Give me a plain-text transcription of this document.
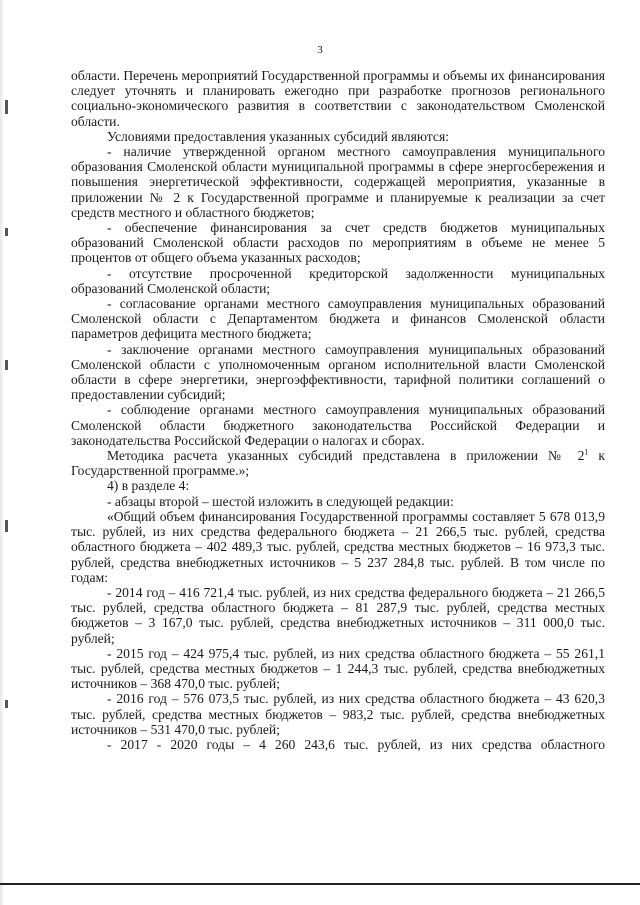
3

области. Перечень мероприятий Государственной программы и объемы их финансирования следует уточнять и планировать ежегодно при разработке прогнозов регионального социально-экономического развития в соответствии с законодательством Смоленской области.

Условиями предоставления указанных субсидий являются:

- наличие утвержденной органом местного самоуправления муниципального образования Смоленской области муниципальной программы в сфере энергосбережения и повышения энергетической эффективности, содержащей мероприятия, указанные в приложении № 2 к Государственной программе и планируемые к реализации за счет средств местного и областного бюджетов;

- обеспечение финансирования за счет средств бюджетов муниципальных образований Смоленской области расходов по мероприятиям в объеме не менее 5 процентов от общего объема указанных расходов;

- отсутствие просроченной кредиторской задолженности муниципальных образований Смоленской области;

- согласование органами местного самоуправления муниципальных образований Смоленской области с Департаментом бюджета и финансов Смоленской области параметров дефицита местного бюджета;

- заключение органами местного самоуправления муниципальных образований Смоленской области с уполномоченным органом исполнительной власти Смоленской области в сфере энергетики, энергоэффективности, тарифной политики соглашений о предоставлении субсидий;

- соблюдение органами местного самоуправления муниципальных образований Смоленской области бюджетного законодательства Российской Федерации и законодательства Российской Федерации о налогах и сборах.

Методика расчета указанных субсидий представлена в приложении № $2^1$ к Государственной программе.»;

4) в разделе 4:

- абзацы второй – шестой изложить в следующей редакции:

«Общий объем финансирования Государственной программы составляет 5 678 013,9 тыс. рублей, из них средства федерального бюджета – 21 266,5 тыс. рублей, средства областного бюджета – 402 489,3 тыс. рублей, средства местных бюджетов – 16 973,3 тыс. рублей, средства внебюджетных источников – 5 237 284,8 тыс. рублей. В том числе по годам:

- 2014 год – 416 721,4 тыс. рублей, из них средства федерального бюджета – 21 266,5 тыс. рублей, средства областного бюджета – 81 287,9 тыс. рублей, средства местных бюджетов – 3 167,0 тыс. рублей, средства внебюджетных источников – 311 000,0 тыс. рублей;

- 2015 год – 424 975,4 тыс. рублей, из них средства областного бюджета – 55 261,1 тыс. рублей, средства местных бюджетов – 1 244,3 тыс. рублей, средства внебюджетных источников – 368 470,0 тыс. рублей;

- 2016 год – 576 073,5 тыс. рублей, из них средства областного бюджета – 43 620,3 тыс. рублей, средства местных бюджетов – 983,2 тыс. рублей, средства внебюджетных источников – 531 470,0 тыс. рублей;

- 2017 - 2020 годы – 4 260 243,6 тыс. рублей, из них средства областного
